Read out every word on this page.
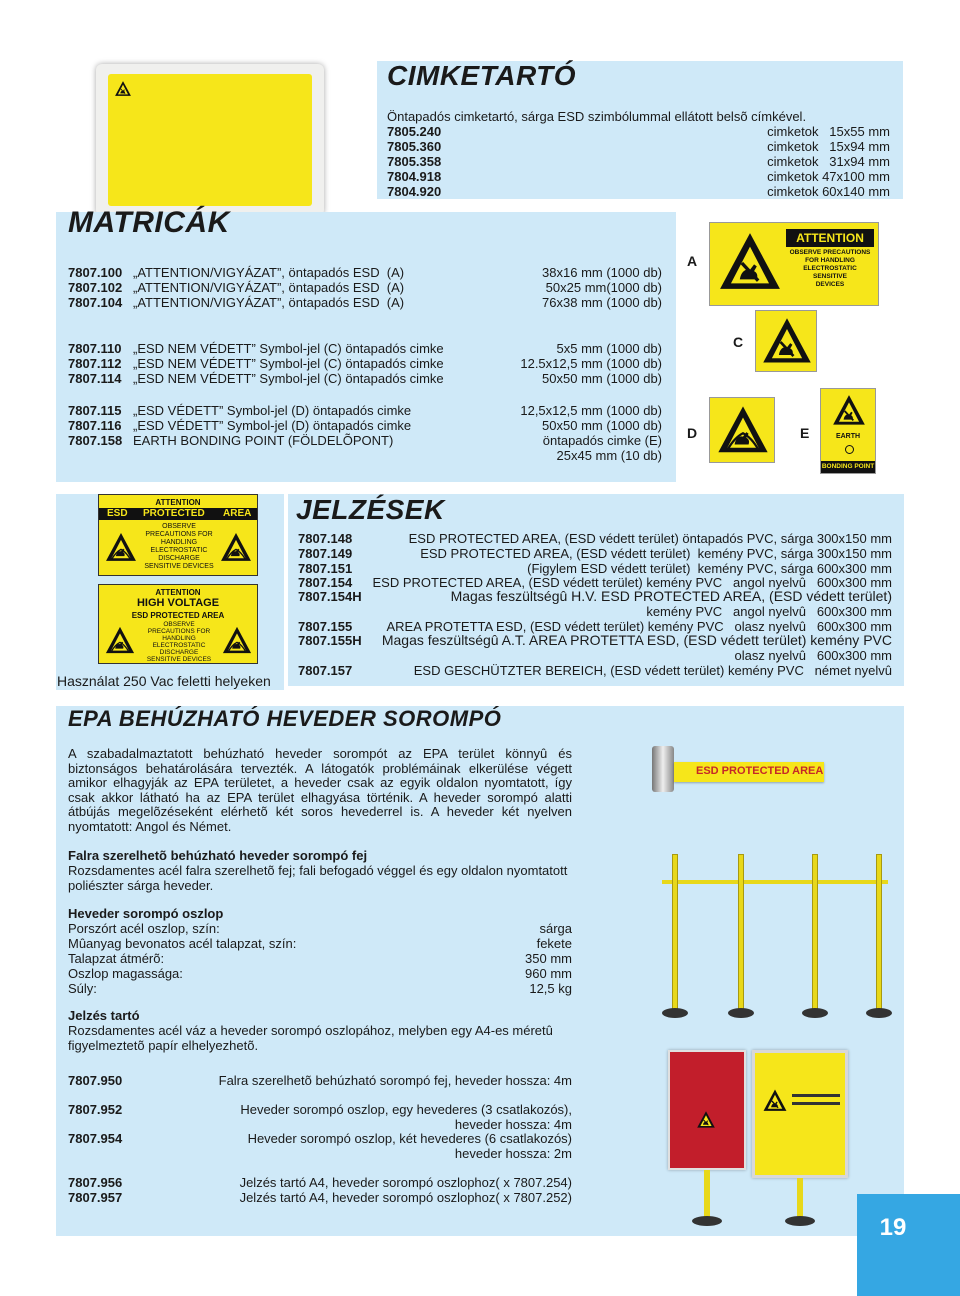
CIMKETARTÓ
Öntapadós cimketartó, sárga ESD szimbólummal ellátott belsõ címkével.
7805.240	cimketok   15x55 mm
7805.360	cimketok   15x94 mm
7805.358	cimketok   31x94 mm
7804.918	cimketok 47x100 mm
7804.920	cimketok 60x140 mm
MATRICÁK
7807.100 „ATTENTION/VIGYÁZAT”, öntapadós ESD  (A)	38x16 mm (1000 db)
7807.102 „ATTENTION/VIGYÁZAT”, öntapadós ESD  (A)	50x25 mm(1000 db)
7807.104 „ATTENTION/VIGYÁZAT”, öntapadós ESD  (A)	76x38 mm (1000 db)
7807.110 „ESD NEM VÉDETT” Symbol-jel (C) öntapadós cimke	5x5 mm (1000 db)
7807.112 „ESD NEM VÉDETT” Symbol-jel (C) öntapadós cimke	12.5x12,5 mm (1000 db)
7807.114 „ESD NEM VÉDETT” Symbol-jel (C) öntapadós cimke	50x50 mm (1000 db)
7807.115 „ESD VÉDETT” Symbol-jel (D) öntapadós cimke	12,5x12,5 mm (1000 db)
7807.116 „ESD VÉDETT” Symbol-jel (D) öntapadós cimke	50x50 mm (1000 db)
7807.158 EARTH BONDING POINT (FÖLDELÕPONT)	öntapadós cimke (E)
25x45 mm (10 db)
A
C
D	E
ATTENTION
OBSERVE PRECAUTIONS
FOR HANDLING
ELECTROSTATIC
SENSITIVE
DEVICES
EARTH
BONDING POINT
ATTENTION
ESD PROTECTED AREA
OBSERVE
PRECAUTIONS FOR
HANDLING
ELECTROSTATIC
DISCHARGE
SENSITIVE DEVICES
ATTENTION
HIGH VOLTAGE
ESD PROTECTED AREA
OBSERVE
PRECAUTIONS FOR
HANDLING
ELECTROSTATIC
DISCHARGE
SENSITIVE DEVICES
Használat 250 Vac feletti helyeken
JELZÉSEK
7807.148	ESD PROTECTED AREA, (ESD védett terület) öntapadós PVC, sárga 300x150 mm
7807.149	ESD PROTECTED AREA, (ESD védett terület)  kemény PVC, sárga 300x150 mm
7807.151	(Figylem ESD védett terület)  kemény PVC, sárga 600x300 mm
7807.154 ESD PROTECTED AREA, (ESD védett terület) kemény PVC   angol nyelvû   600x300 mm
7807.154H	Magas feszültségû H.V. ESD PROTECTED AREA, (ESD védett terület)
kemény PVC   angol nyelvû   600x300 mm
7807.155	AREA PROTETTA ESD, (ESD védett terület) kemény PVC   olasz nyelvû   600x300 mm
7807.155H Magas feszültségû A.T. AREA PROTETTA ESD, (ESD védett terület) kemény PVC
olasz nyelvû   600x300 mm
7807.157	ESD GESCHÜTZTER BEREICH, (ESD védett terület) kemény PVC   német nyelvû
EPA BEHÚZHATÓ HEVEDER SOROMPÓ
A szabadalmaztatott behúzható heveder sorompót az EPA terület könnyû és biztonságos behatárolására tervezték. A látogatók problémáinak elkerülése végett amikor elhagyják az EPA területet, a heveder csak az egyik oldalon nyomtatott, így csak akkor látható ha az EPA terület elhagyása történik. A heveder sorompó alatti átbújás megelõzéseként elérhetõ két soros hevederrel is. A heveder két nyelven nyomtatott: Angol és Német.
Falra szerelhetõ behúzható heveder sorompó fej
Rozsdamentes acél falra szerelhetõ fej; fali befogadó véggel és egy oldalon nyomtatott poliészter sárga heveder.
Heveder sorompó oszlop
Porszórt acél oszlop, szín:	sárga
Mûanyag bevonatos acél talapzat, szín:	fekete
Talapzat átmérõ:	350 mm
Oszlop magassága:	960 mm
Súly:	12,5 kg
Jelzés tartó
Rozsdamentes acél váz a heveder sorompó oszlopához, melyben egy A4-es méretû figyelmeztetõ papír elhelyezhetõ.
7807.950	Falra szerelhetõ behúzható sorompó fej, heveder hossza: 4m
7807.952	Heveder sorompó oszlop, egy hevederes (3 csatlakozós),
heveder hossza: 4m
7807.954	Heveder sorompó oszlop, két hevederes (6 csatlakozós)
heveder hossza: 2m
7807.956	Jelzés tartó A4, heveder sorompó oszlophoz( x 7807.254)
7807.957	Jelzés tartó A4, heveder sorompó oszlophoz( x 7807.252)
ESD PROTECTED AREA
19
